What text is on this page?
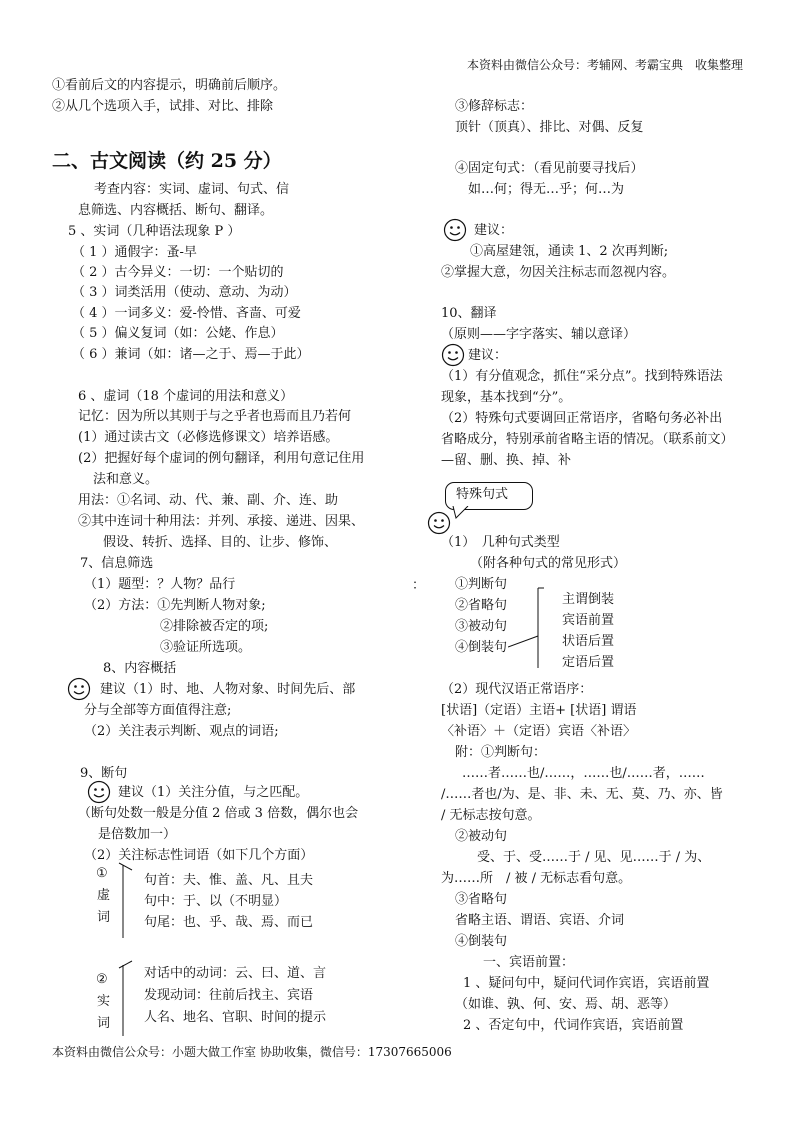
本资料由微信公众号：考辅网、考霸宝典　收集整理
本资料由微信公众号：小题大做工作室 协助收集，微信号：17307665006
①看前后文的内容提示，明确前后顺序。
②从几个选项入手，试排、对比、排除
二、古文阅读（约 25 分）
考查内容：实词、虚词、句式、信
息筛选、内容概括、断句、翻译。
5 、实词（几种语法现象 P ）
（ 1 ）通假字：蚤-早
（ 2 ）古今异义：一切：一个贴切的
（ 3 ）词类活用（使动、意动、为动）
（ 4 ）一词多义：爱-怜惜、吝啬、可爱
（ 5 ）偏义复词（如：公姥、作息）
（ 6 ）兼词（如：诸—之于、焉—于此）
6 、虚词（18 个虚词的用法和意义）
记忆：因为所以其则于与之乎者也焉而且乃若何
(1）通过读古文（必修选修课文）培养语感。
(2）把握好每个虚词的例句翻译，利用句意记住用
法和意义。
用法：①名词、动、代、兼、副、介、连、助
②其中连词十种用法：并列、承接、递进、因果、
假设、转折、选择、目的、让步、修饰、
7、信息筛选
（1）题型：？人物？品行
（2）方法：①先判断人物对象;
②排除被否定的项;
③验证所选项。
8、内容概括
建议（1）时、地、人物对象、时间先后、部
分与全部等方面值得注意;
（2）关注表示判断、观点的词语;
9、断句
建议（1）关注分值，与之匹配。
（断句处数一般是分值 2 倍或 3 倍数，偶尔也会
是倍数加一）
（2）关注标志性词语（如下几个方面）
①
虚
词
句首：夫、惟、盖、凡、且夫
句中：于、以（不明显）
句尾：也、乎、哉、焉、而已
②
实
词
对话中的动词：云、曰、道、言
发现动词：往前后找主、宾语
人名、地名、官职、时间的提示
：
③修辞标志：
顶针（顶真）、排比、对偶、反复
④固定句式：（看见前要寻找后）
如…何；得无…乎；何…为
建议：
①高屋建瓴，通读 1、2 次再判断;
②掌握大意，勿因关注标志而忽视内容。
10、翻译
（原则——字字落实、辅以意译）
建议：
（1）有分值观念，抓住“采分点”。找到特殊语法
现象，基本找到“分”。
（2）特殊句式要调回正常语序，省略句务必补出
省略成分，特别承前省略主语的情况。（联系前文）
—留、删、换、掉、补
特殊句式
（1）　几种句式类型
（附各种句式的常见形式）
①判断句
②省略句
③被动句
④倒装句
主谓倒装
宾语前置
状语后置
定语后置
（2）现代汉语正常语序：
[状语]（定语）主语+ [状语] 谓语
〈补语〉＋（定语）宾语〈补语〉
附：①判断句：
……者……也/……，……也/……者，……
/……者也/为、是、非、未、无、莫、乃、亦、皆
/ 无标志按句意。
②被动句
受、于、受……于 / 见、见……于 / 为、
为……所　/ 被 / 无标志看句意。
③省略句
省略主语、谓语、宾语、介词
④倒装句
一、宾语前置：
1 、疑问句中，疑问代词作宾语，宾语前置
（如谁、孰、何、安、焉、胡、恶等）
2 、否定句中，代词作宾语，宾语前置
